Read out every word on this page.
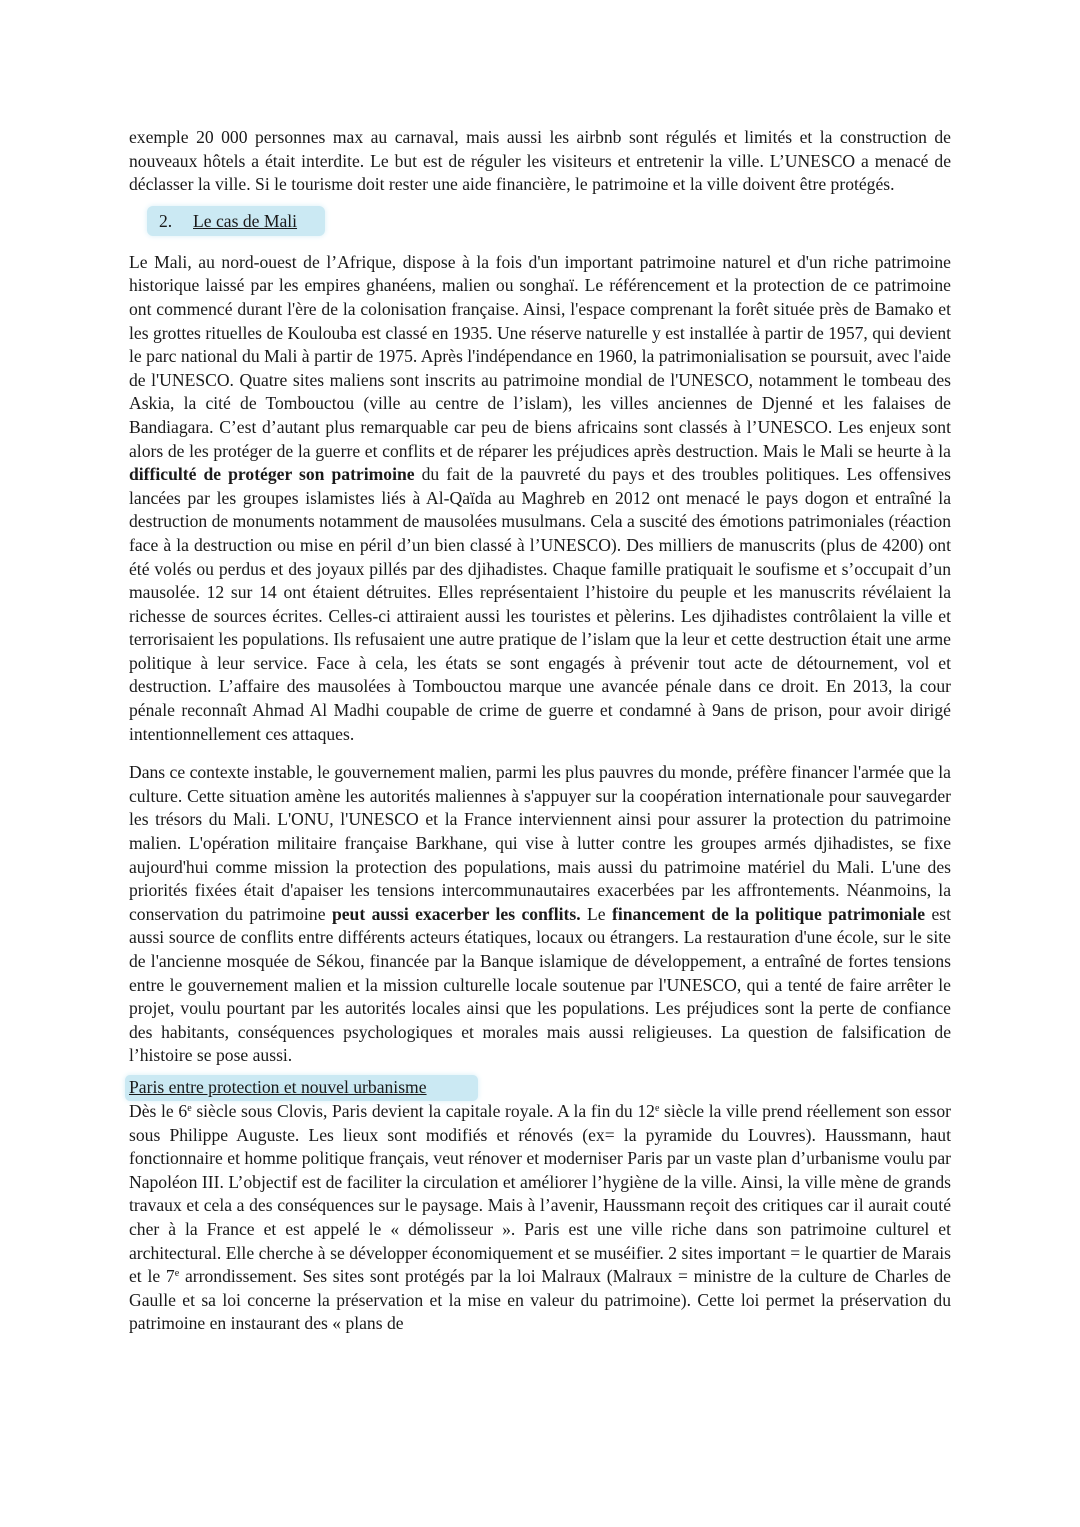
exemple 20 000 personnes max au carnaval, mais aussi les airbnb sont régulés et limités et la construction de nouveaux hôtels a était interdite. Le but est de réguler les visiteurs et entretenir la ville. L’UNESCO a menacé de déclasser la ville. Si le tourisme doit rester une aide financière, le patrimoine et la ville doivent être protégés.

2. Le cas de Mali

Le Mali, au nord-ouest de l’Afrique, dispose à la fois d'un important patrimoine naturel et d'un riche patrimoine historique laissé par les empires ghanéens, malien ou songhaï. Le référencement et la protection de ce patrimoine ont commencé durant l'ère de la colonisation française. Ainsi, l'espace comprenant la forêt située près de Bamako et les grottes rituelles de Koulouba est classé en 1935. Une réserve naturelle y est installée à partir de 1957, qui devient le parc national du Mali à partir de 1975. Après l'indépendance en 1960, la patrimonialisation se poursuit, avec l'aide de l'UNESCO. Quatre sites maliens sont inscrits au patrimoine mondial de l'UNESCO, notamment le tombeau des Askia, la cité de Tombouctou (ville au centre de l’islam), les villes anciennes de Djenné et les falaises de Bandiagara. C’est d’autant plus remarquable car peu de biens africains sont classés à l’UNESCO. Les enjeux sont alors de les protéger de la guerre et conflits et de réparer les préjudices après destruction. Mais le Mali se heurte à la difficulté de protéger son patrimoine du fait de la pauvreté du pays et des troubles politiques. Les offensives lancées par les groupes islamistes liés à Al-Qaïda au Maghreb en 2012 ont menacé le pays dogon et entraîné la destruction de monuments notamment de mausolées musulmans. Cela a suscité des émotions patrimoniales (réaction face à la destruction ou mise en péril d’un bien classé à l’UNESCO). Des milliers de manuscrits (plus de 4200) ont été volés ou perdus et des joyaux pillés par des djihadistes. Chaque famille pratiquait le soufisme et s’occupait d’un mausolée. 12 sur 14 ont étaient détruites. Elles représentaient l’histoire du peuple et les manuscrits révélaient la richesse de sources écrites. Celles-ci attiraient aussi les touristes et pèlerins. Les djihadistes contrôlaient la ville et terrorisaient les populations. Ils refusaient une autre pratique de l’islam que la leur et cette destruction était une arme politique à leur service. Face à cela, les états se sont engagés à prévenir tout acte de détournement, vol et destruction. L’affaire des mausolées à Tombouctou marque une avancée pénale dans ce droit. En 2013, la cour pénale reconnaît Ahmad Al Madhi coupable de crime de guerre et condamné à 9ans de prison, pour avoir dirigé intentionnellement ces attaques.

Dans ce contexte instable, le gouvernement malien, parmi les plus pauvres du monde, préfère financer l'armée que la culture. Cette situation amène les autorités maliennes à s'appuyer sur la coopération internationale pour sauvegarder les trésors du Mali. L'ONU, l'UNESCO et la France interviennent ainsi pour assurer la protection du patrimoine malien. L'opération militaire française Barkhane, qui vise à lutter contre les groupes armés djihadistes, se fixe aujourd'hui comme mission la protection des populations, mais aussi du patrimoine matériel du Mali. L'une des priorités fixées était d'apaiser les tensions intercommunautaires exacerbées par les affrontements. Néanmoins, la conservation du patrimoine peut aussi exacerber les conflits. Le financement de la politique patrimoniale est aussi source de conflits entre différents acteurs étatiques, locaux ou étrangers. La restauration d'une école, sur le site de l'ancienne mosquée de Sékou, financée par la Banque islamique de développement, a entraîné de fortes tensions entre le gouvernement malien et la mission culturelle locale soutenue par l'UNESCO, qui a tenté de faire arrêter le projet, voulu pourtant par les autorités locales ainsi que les populations. Les préjudices sont la perte de confiance des habitants, conséquences psychologiques et morales mais aussi religieuses. La question de falsification de l’histoire se pose aussi.

Paris entre protection et nouvel urbanisme

Dès le 6e siècle sous Clovis, Paris devient la capitale royale. A la fin du 12e siècle la ville prend réellement son essor sous Philippe Auguste. Les lieux sont modifiés et rénovés (ex= la pyramide du Louvres). Haussmann, haut fonctionnaire et homme politique français, veut rénover et moderniser Paris par un vaste plan d’urbanisme voulu par Napoléon III. L’objectif est de faciliter la circulation et améliorer l’hygiène de la ville. Ainsi, la ville mène de grands travaux et cela a des conséquences sur le paysage. Mais à l’avenir, Haussmann reçoit des critiques car il aurait couté cher à la France et est appelé le « démolisseur ». Paris est une ville riche dans son patrimoine culturel et architectural. Elle cherche à se développer économiquement et se muséifier. 2 sites important = le quartier de Marais et le 7e arrondissement. Ses sites sont protégés par la loi Malraux (Malraux = ministre de la culture de Charles de Gaulle et sa loi concerne la préservation et la mise en valeur du patrimoine). Cette loi permet la préservation du patrimoine en instaurant des « plans de
